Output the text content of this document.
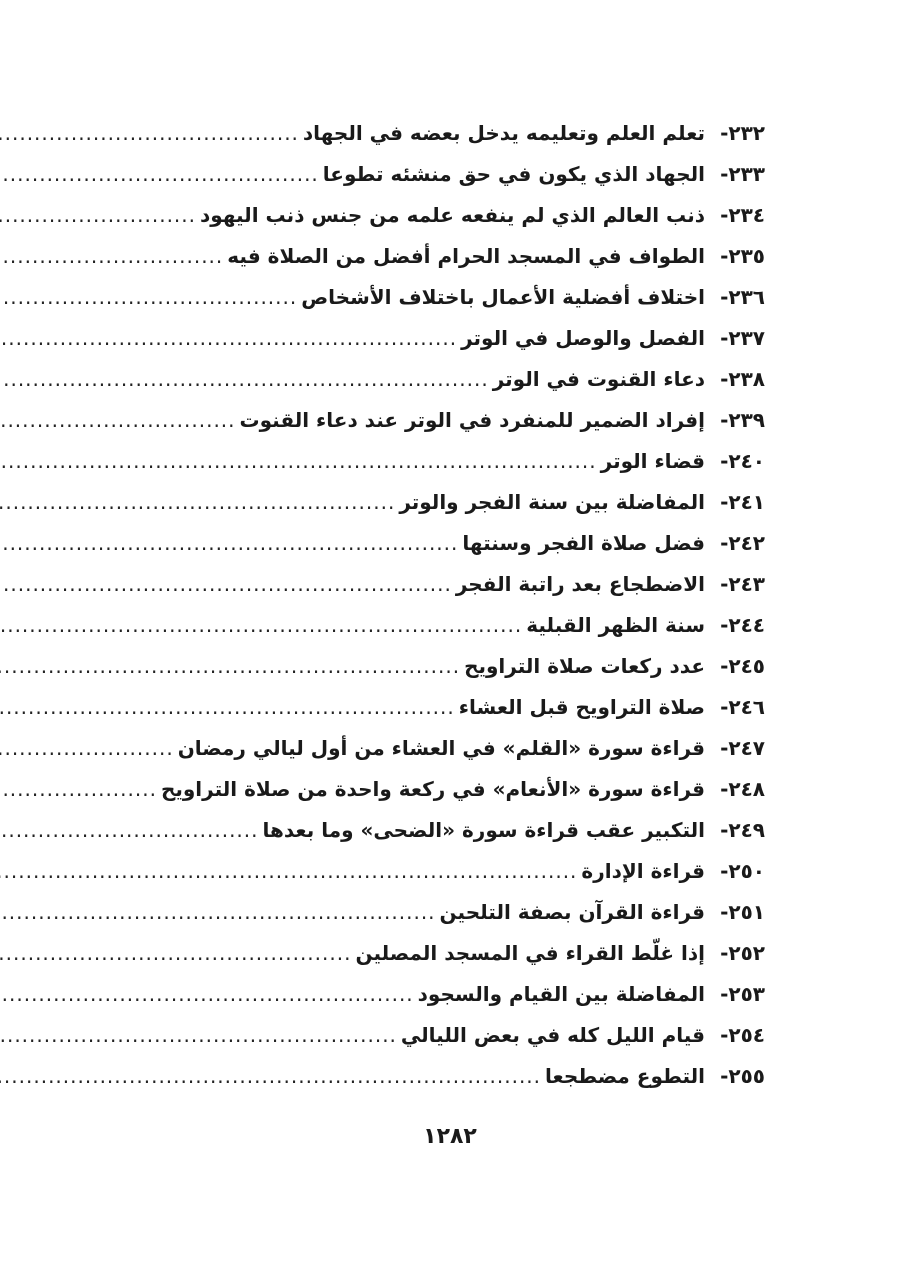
٢٣٢-
تعلم العلم وتعليمه يدخل بعضه في الجهاد
.....
٢٣٣-
الجهاد الذي يكون في حق منشئه تطوعا
.....
٢٣٤-
ذنب العالم الذي لم ينفعه علمه من جنس ذنب اليهود
.....
٢٣٥-
الطواف في المسجد الحرام أفضل من الصلاة فيه
.....
٢٣٦-
اختلاف أفضلية الأعمال باختلاف الأشخاص
.....
٢٣٧-
الفصل والوصل في الوتر
.....
٢٣٨-
دعاء القنوت في الوتر
.....
٢٣٩-
إفراد الضمير للمنفرد في الوتر عند دعاء القنوت
.....
٢٤٠-
قضاء الوتر
.....
٢٤١-
المفاضلة بين سنة الفجر والوتر
.....
٢٤٢-
فضل صلاة الفجر وسنتها
.....
٢٤٣-
الاضطجاع بعد راتبة الفجر
.....
٢٤٤-
سنة الظهر القبلية
.....
٢٤٥-
عدد ركعات صلاة التراويح
.....
٢٤٦-
صلاة التراويح قبل العشاء
.....
٢٤٧-
قراءة سورة «القلم» في العشاء من أول ليالي رمضان
.....
٢٤٨-
قراءة سورة «الأنعام» في ركعة واحدة من صلاة التراويح
.....
٢٤٩-
التكبير عقب قراءة سورة «الضحى» وما بعدها
.....
٢٥٠-
قراءة الإدارة
.....
٢٥١-
قراءة القرآن بصفة التلحين
.....
٢٥٢-
إذا غلّط القراء في المسجد المصلين
.....
٢٥٣-
المفاضلة بين القيام والسجود
.....
٢٥٤-
قيام الليل كله في بعض الليالي
.....
٢٥٥-
التطوع مضطجعا
.....
١٢٨٢
